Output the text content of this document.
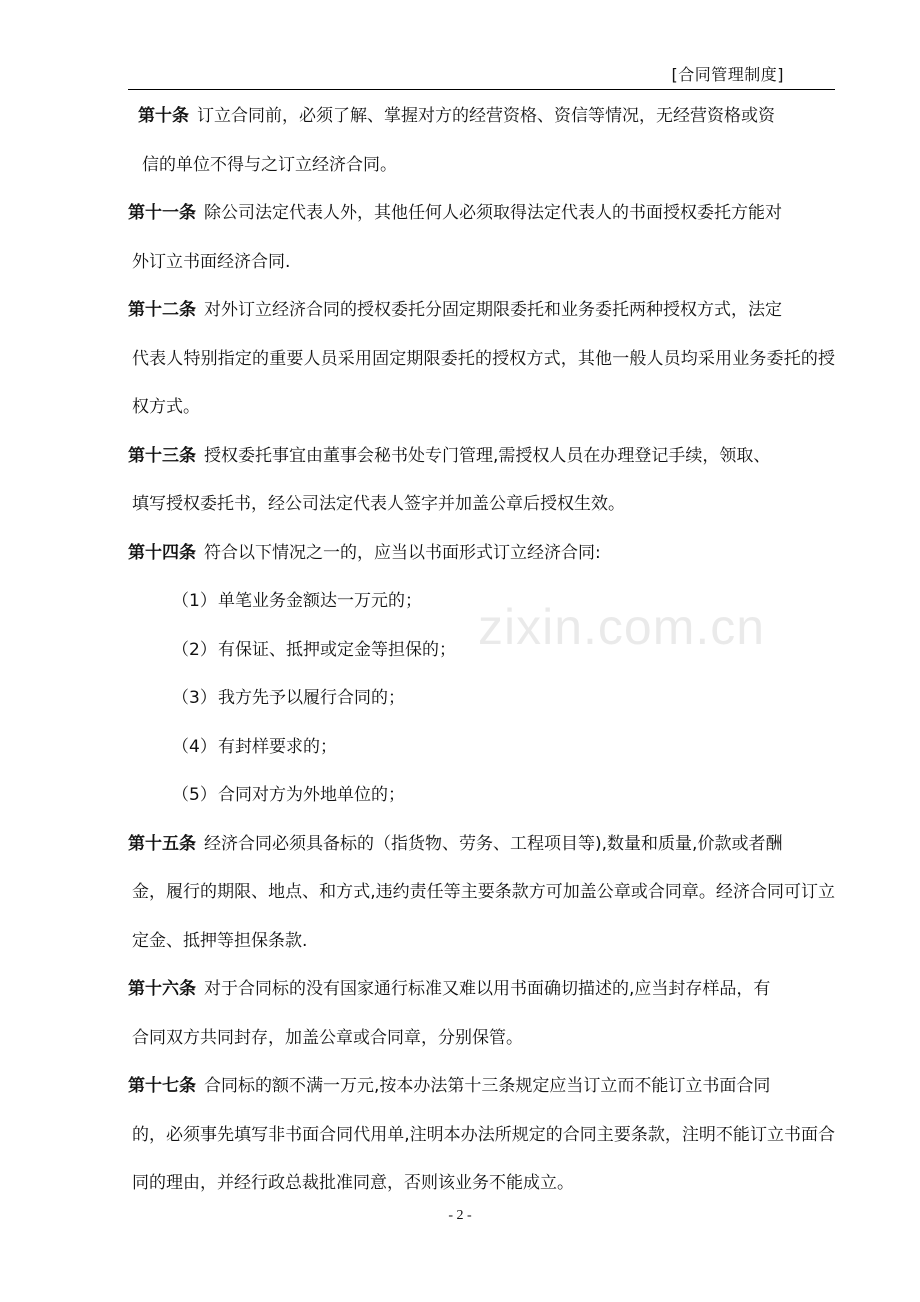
[合同管理制度]
第十条 订立合同前，必须了解、掌握对方的经营资格、资信等情况，无经营资格或资
信的单位不得与之订立经济合同。
第十一条 除公司法定代表人外，其他任何人必须取得法定代表人的书面授权委托方能对
外订立书面经济合同.
第十二条 对外订立经济合同的授权委托分固定期限委托和业务委托两种授权方式，法定
代表人特别指定的重要人员采用固定期限委托的授权方式，其他一般人员均采用业务委托的授权方式。
第十三条 授权委托事宜由董事会秘书处专门管理,需授权人员在办理登记手续，领取、
填写授权委托书，经公司法定代表人签字并加盖公章后授权生效。
第十四条 符合以下情况之一的，应当以书面形式订立经济合同:
（1）单笔业务金额达一万元的；
（2）有保证、抵押或定金等担保的；
（3）我方先予以履行合同的；
（4）有封样要求的；
（5）合同对方为外地单位的；
第十五条 经济合同必须具备标的（指货物、劳务、工程项目等),数量和质量,价款或者酬
金，履行的期限、地点、和方式,违约责任等主要条款方可加盖公章或合同章。经济合同可订立定金、抵押等担保条款.
第十六条 对于合同标的没有国家通行标准又难以用书面确切描述的,应当封存样品，有
合同双方共同封存，加盖公章或合同章，分别保管。
第十七条 合同标的额不满一万元,按本办法第十三条规定应当订立而不能订立书面合同
的，必须事先填写非书面合同代用单,注明本办法所规定的合同主要条款，注明不能订立书面合同的理由，并经行政总裁批准同意，否则该业务不能成立。
zixin.com.cn
- 2 -
